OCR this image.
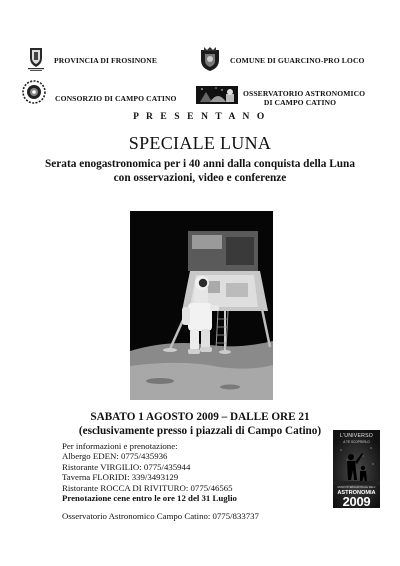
PROVINCIA DI FROSINONE	COMUNE DI GUARCINO-PRO LOCO
CONSORZIO DI CAMPO CATINO
OSSERVATORIO ASTRONOMICO
DI CAMPO CATINO
P R E S E N T A N O
SPECIALE LUNA
Serata enogastronomica per i 40 anni dalla conquista della Luna
con osservazioni, video e conferenze
SABATO 1 AGOSTO 2009 – DALLE ORE 21
(esclusivamente presso i piazzali di Campo Catino)
Per informazioni e prenotazione:
Albergo EDEN: 0775/435936
Ristorante VIRGILIO: 0775/435944
Taverna FLORIDI: 339/3493129
Ristorante ROCCA DI RIVITURO: 0775/46565
Prenotazione cene entro le ore 12 del 31 Luglio
Osservatorio Astronomico Campo Catino: 0775/833737
L'UNIVERSO
A TE SCOPRIRLO
ANNO INTERNAZIONALE DELL'
ASTRONOMIA
2009
